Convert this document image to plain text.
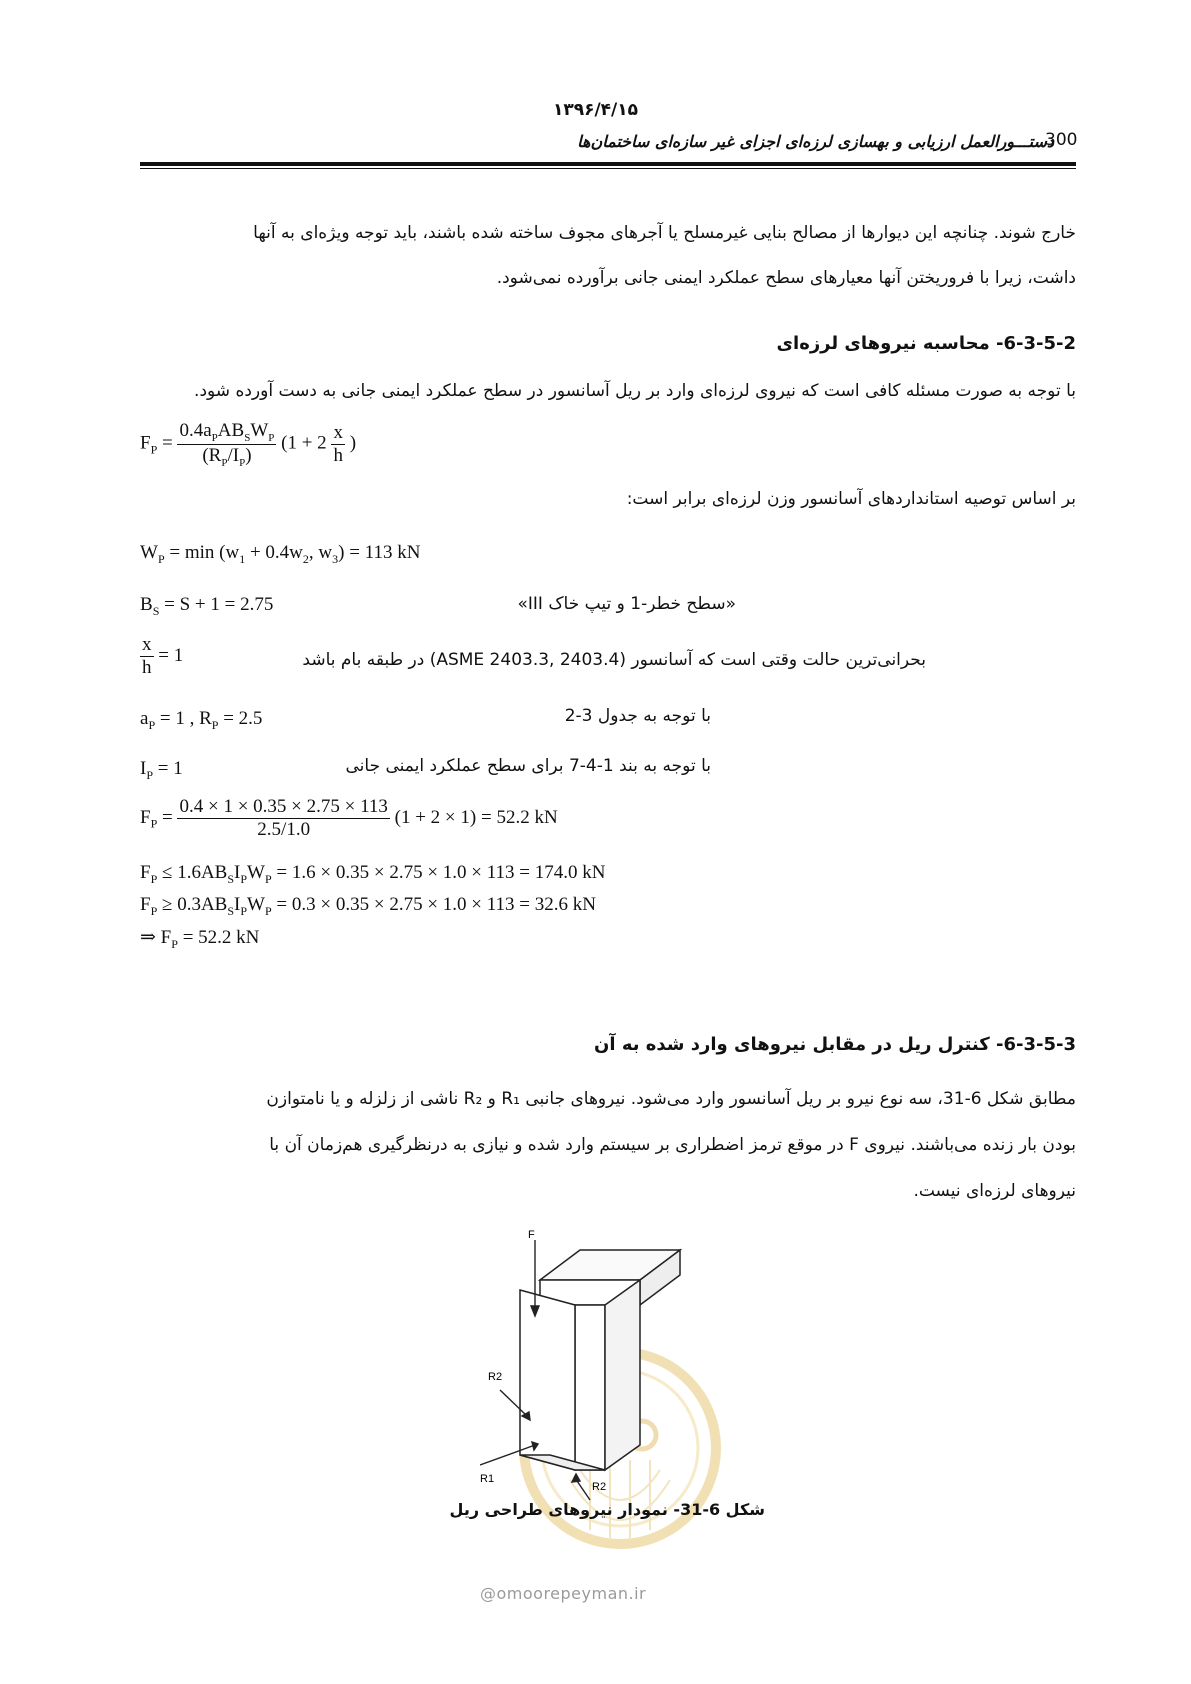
۱۳۹۶/۴/۱۵
دستـــورالعمل ارزیابی و بهسازی لرزه‌ای اجزای غیر سازه‌ای ساختمان‌ها
300
خارج شوند. چنانچه این دیوارها از مصالح بنایی غیرمسلح یا آجرهای مجوف ساخته شده باشند، باید توجه ویژه‌ای به آنها
داشت، زیرا با فروریختن آنها معیارهای سطح عملکرد ایمنی جانی برآورده نمی‌شود.
6-3-5-2- محاسبه نیروهای لرزه‌ای
با توجه به صورت مسئله کافی است که نیروی لرزه‌ای وارد بر ریل آسانسور در سطح عملکرد ایمنی جانی به دست آورده شود.
$F_P = \frac{0.4a_PAB_SW_P}{(R_P/I_P)} (1 + 2 \frac{x}{h}$ )
بر اساس توصیه استانداردهای آسانسور وزن لرزه‌ای برابر است:
$W_P = \min (w_1 + 0.4w_2$, $w_3) = 113$ kN
$B_S = S + 1 = 2.75$	«سطح خطر-1 و تیپ خاک III»
$\frac{x}{h} = 1$	بحرانی‌ترین حالت وقتی است که آسانسور (ASME 2403.3, 2403.4) در طبقه بام باشد
$a_P = 1$ , $R_P = 2.5$	با توجه به جدول 3-2
$I_P = 1$	با توجه به بند 1-4-7 برای سطح عملکرد ایمنی جانی
$F_P = \frac{0.4 \times 1 \times 0.35 \times 2.75 \times 113}{2.5/1.0} (1 + 2 \times 1) = 52.2$ kN
$F_P \le 1.6AB_SI_PW_P = 1.6 \times 0.35 \times 2.75 \times 1.0 \times 113 = 174.0$ kN
$F_P \ge 0.3AB_SI_PW_P = 0.3 \times 0.35 \times 2.75 \times 1.0 \times 113 = 32.6$ kN
⇒ $F_P = 52.2$ kN
6-3-5-3- کنترل ریل در مقابل نیروهای وارد شده به آن
مطابق شکل 6-31، سه نوع نیرو بر ریل آسانسور وارد می‌شود. نیروهای جانبی R₁ و R₂ ناشی از زلزله و یا نامتوازن
بودن بار زنده می‌باشند. نیروی F در موقع ترمز اضطراری بر سیستم وارد شده و نیازی به درنظرگیری هم‌زمان آن با
نیروهای لرزه‌ای نیست.
F
R2
R1
R2
شکل 6-31- نمودار نیروهای طراحی ریل
@omoorepeyman.ir
